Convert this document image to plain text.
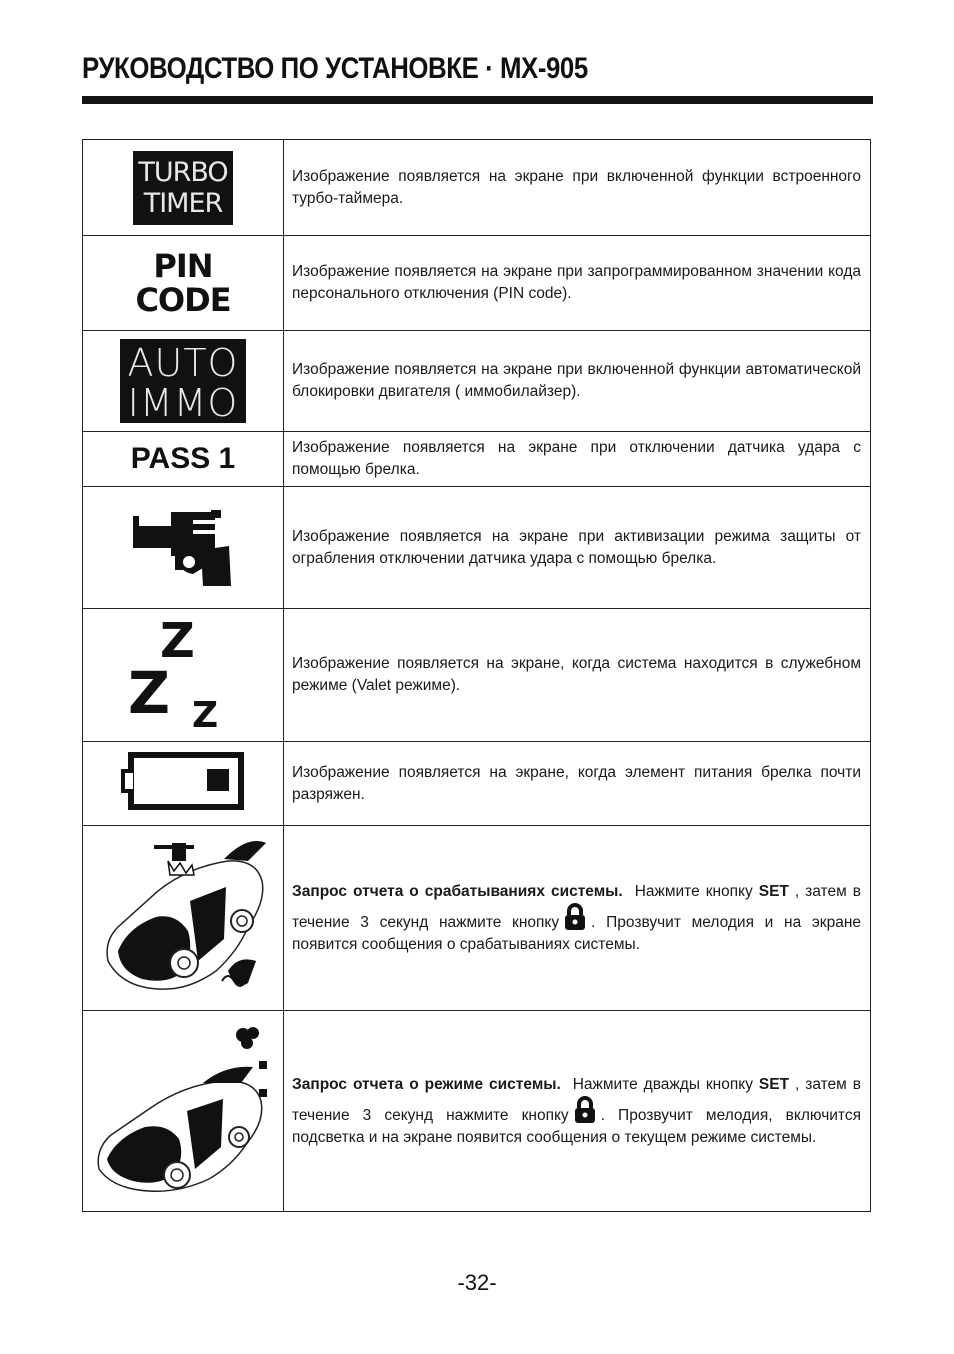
РУКОВОДСТВО ПО УСТАНОВКЕ · MX-905
TURBO
TIMER	Изображение появляется на экране при включенной функции встроенного турбо-таймера.

PIN
CODE	Изображение появляется на экране при запрограммированном значении кода персонального отключения (PIN code).

AUTO
IMMO	Изображение появляется на экране при включенной функции автоматической блокировки двигателя ( иммобилайзер).

PASS 1	Изображение появляется на экране при отключении датчика удара с помощью брелка.

Изображение появляется на экране при активизации режима защиты от ограбления отключении датчика удара с помощью брелка.

Z
Z Z	Изображение появляется на экране, когда система находится в служебном режиме (Valet режиме).

Изображение появляется на экране, когда элемент питания брелка почти разряжен.

Запрос отчета о срабатываниях системы. Нажмите кнопку SET , затем в течение 3 секунд нажмите кнопку . Прозвучит мелодия и на экране появится сообщения о срабатываниях системы.

Запрос отчета о режиме системы. Нажмите дважды кнопку SET , затем в течение 3 секунд нажмите кнопку . Прозвучит мелодия, включится подсветка и на экране появится сообщения о текущем режиме системы.

-32-
